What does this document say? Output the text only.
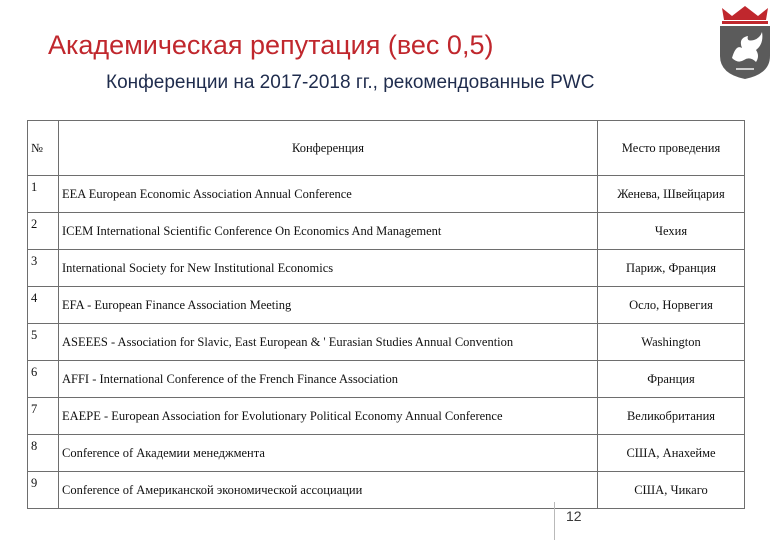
Академическая репутация (вес 0,5)
Конференции на 2017-2018 гг., рекомендованные PWC
№	Конференция	Место проведения
1	EEA European Economic Association Annual Conference	Женева, Швейцария
2	ICEM International Scientific Conference On Economics And Management	Чехия
3	International Society for New Institutional Economics	Париж, Франция
4	EFA - European Finance Association Meeting	Осло, Норвегия
5	ASEEES - Association for Slavic, East European & ' Eurasian Studies Annual Convention	Washington
6	AFFI - International Conference of the French Finance Association	Франция
7	EAEPE - European Association for Evolutionary Political Economy Annual Conference	Великобритания
8	Conference of Академии менеджмента	США, Анахейме
9	Conference of Американской экономической ассоциации	США, Чикаго
12
